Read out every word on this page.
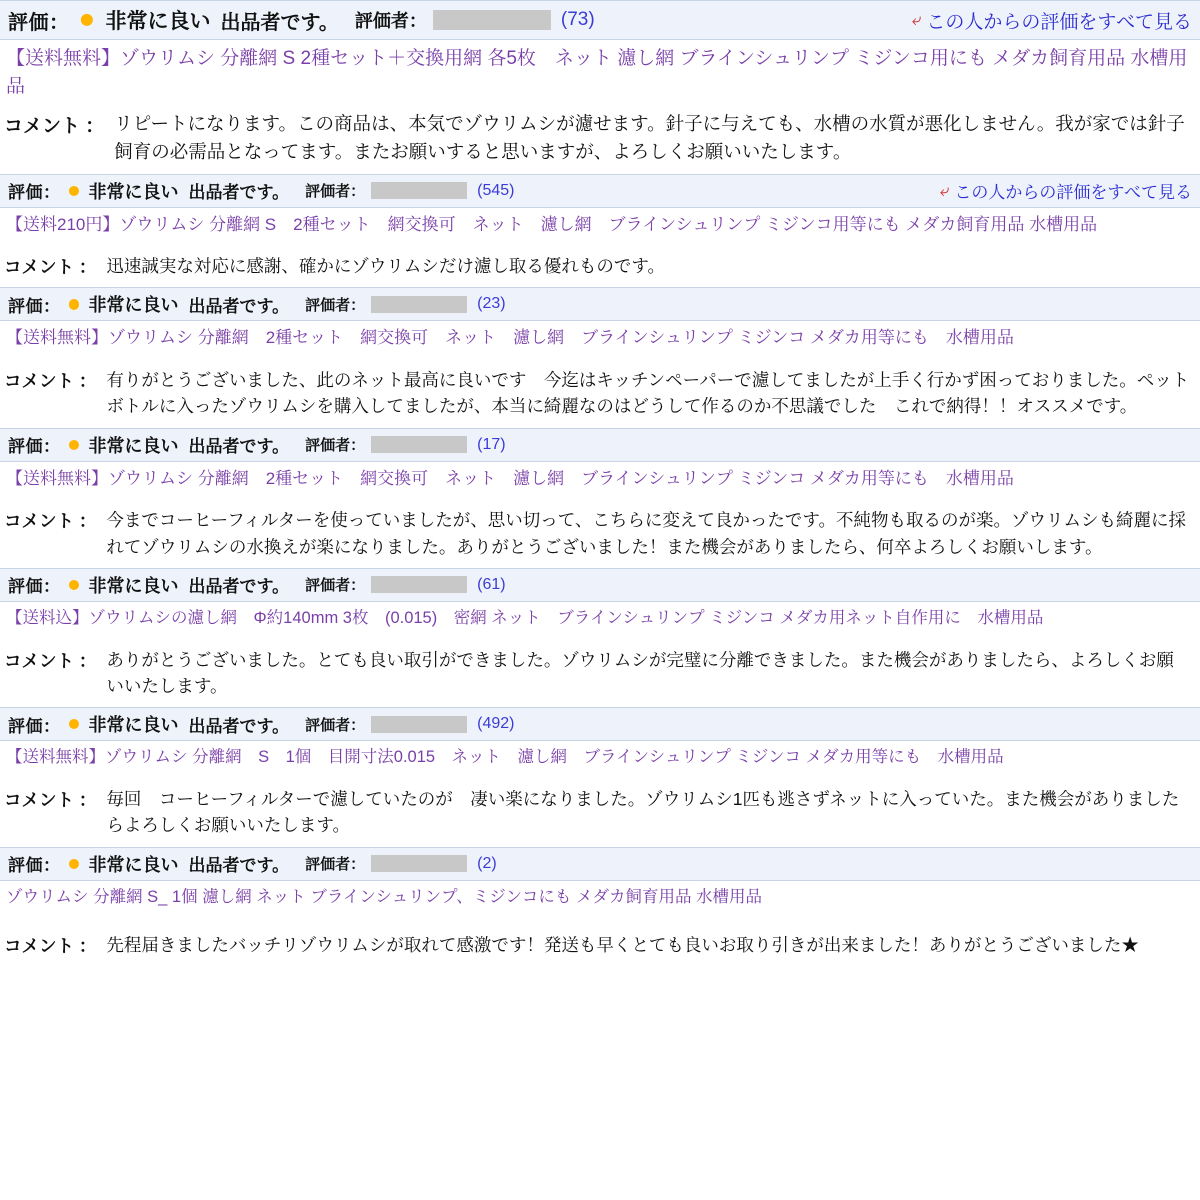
評価： 非常に良い 出品者です。 評価者：	(73)	⤷ この人からの評価をすべて見る
【送料無料】ゾウリムシ 分離網 S 2種セット＋交換用網 各5枚　ネット 濾し網 ブラインシュリンプ ミジンコ用にも メダカ飼育用品 水槽用品
コメント ： リピートになります。この商品は、本気でゾウリムシが濾せます。針子に与えても、水槽の水質が悪化しません。我が家では針子飼育の必需品となってます。またお願いすると思いますが、よろしくお願いいたします。
評価： 非常に良い 出品者です。 評価者：	(545)	⤷ この人からの評価をすべて見る
【送料210円】ゾウリムシ 分離網 S　2種セット　網交換可　ネット　濾し網　ブラインシュリンプ ミジンコ用等にも メダカ飼育用品 水槽用品
コメント ： 迅速誠実な対応に感謝、確かにゾウリムシだけ濾し取る優れものです。
評価： 非常に良い 出品者です。 評価者：	(23)
【送料無料】ゾウリムシ 分離網　2種セット　網交換可　ネット　濾し網　ブラインシュリンプ ミジンコ メダカ用等にも　水槽用品
コメント ： 有りがとうございました、此のネット最高に良いです　今迄はキッチンペーパーで濾してましたが上手く行かず困っておりました。ペットボトルに入ったゾウリムシを購入してましたが、本当に綺麗なのはどうして作るのか不思議でした　これで納得！！オススメです。
評価： 非常に良い 出品者です。 評価者：	(17)
【送料無料】ゾウリムシ 分離網　2種セット　網交換可　ネット　濾し網　ブラインシュリンプ ミジンコ メダカ用等にも　水槽用品
コメント ： 今までコーヒーフィルターを使っていましたが、思い切って、こちらに変えて良かったです。不純物も取るのが楽。ゾウリムシも綺麗に採れてゾウリムシの水換えが楽になりました。ありがとうございました！また機会がありましたら、何卒よろしくお願いします。
評価： 非常に良い 出品者です。 評価者：	(61)
【送料込】ゾウリムシの濾し網　Φ約140mm 3枚　(0.015)　密網 ネット　ブラインシュリンプ ミジンコ メダカ用ネット自作用に　水槽用品
コメント ： ありがとうございました。とても良い取引ができました。ゾウリムシが完璧に分離できました。また機会がありましたら、よろしくお願いいたします。
評価： 非常に良い 出品者です。 評価者：	(492)
【送料無料】ゾウリムシ 分離網　S　1個　目開寸法0.015　ネット　濾し網　ブラインシュリンプ ミジンコ メダカ用等にも　水槽用品
コメント ： 毎回　コーヒーフィルターで濾していたのが　凄い楽になりました。ゾウリムシ1匹も逃さずネットに入っていた。また機会がありましたらよろしくお願いいたします。
評価： 非常に良い 出品者です。 評価者：	(2)
ゾウリムシ 分離網 S_ 1個 濾し網 ネット ブラインシュリンプ、ミジンコにも メダカ飼育用品 水槽用品
コメント ： 先程届きましたバッチリゾウリムシが取れて感激です！発送も早くとても良いお取り引きが出来ました！ありがとうございました★
